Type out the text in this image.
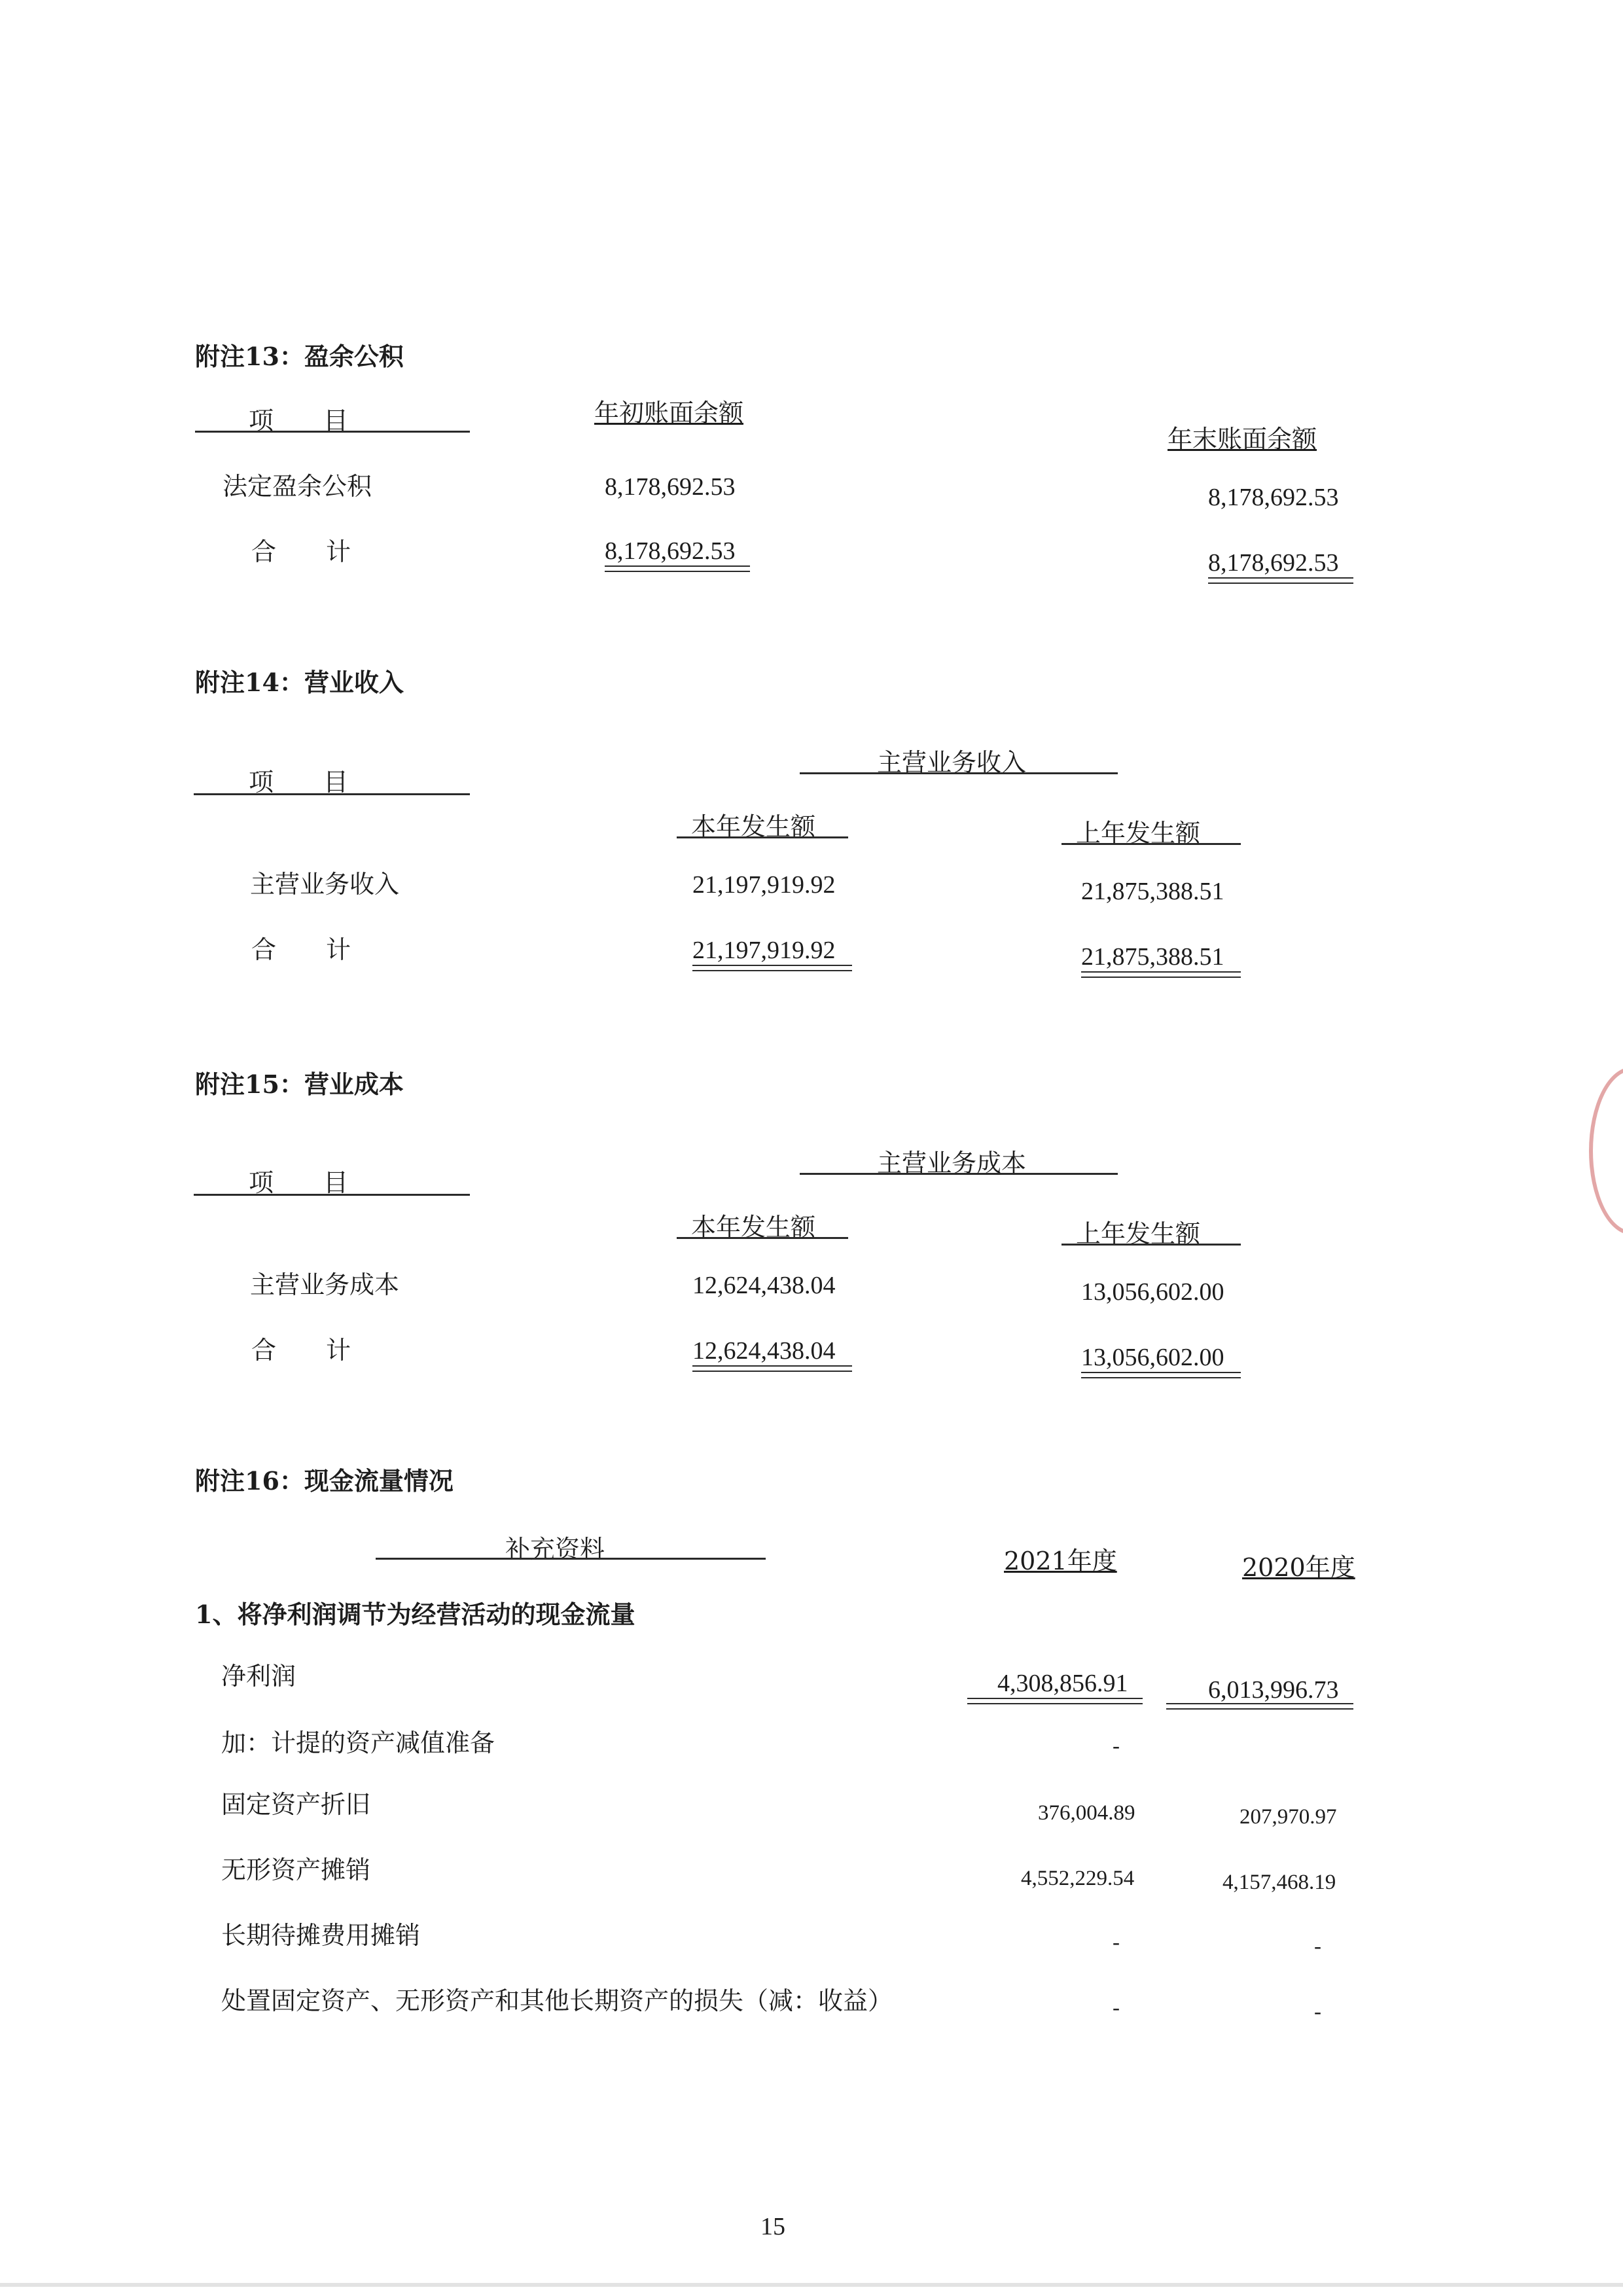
附注13：盈余公积
项　　目	年初账面余额
年末账面余额
法定盈余公积	8,178,692.53	8,178,692.53
合　　计	8,178,692.53	8,178,692.53
附注14：营业收入
项　　目
主营业务收入
本年发生额	上年发生额
主营业务收入	21,197,919.92	21,875,388.51
合　　计	21,197,919.92	21,875,388.51
附注15：营业成本
项　　目
主营业务成本
本年发生额	上年发生额
主营业务成本	12,624,438.04	13,056,602.00
合　　计	12,624,438.04	13,056,602.00
附注16：现金流量情况
补充资料	2021年度	2020年度
1、将净利润调节为经营活动的现金流量
净利润	4,308,856.91	6,013,996.73
加：计提的资产减值准备	-
固定资产折旧	376,004.89	207,970.97
无形资产摊销	4,552,229.54	4,157,468.19
长期待摊费用摊销	-	-
处置固定资产、无形资产和其他长期资产的损失（减：收益）	-	-
15
